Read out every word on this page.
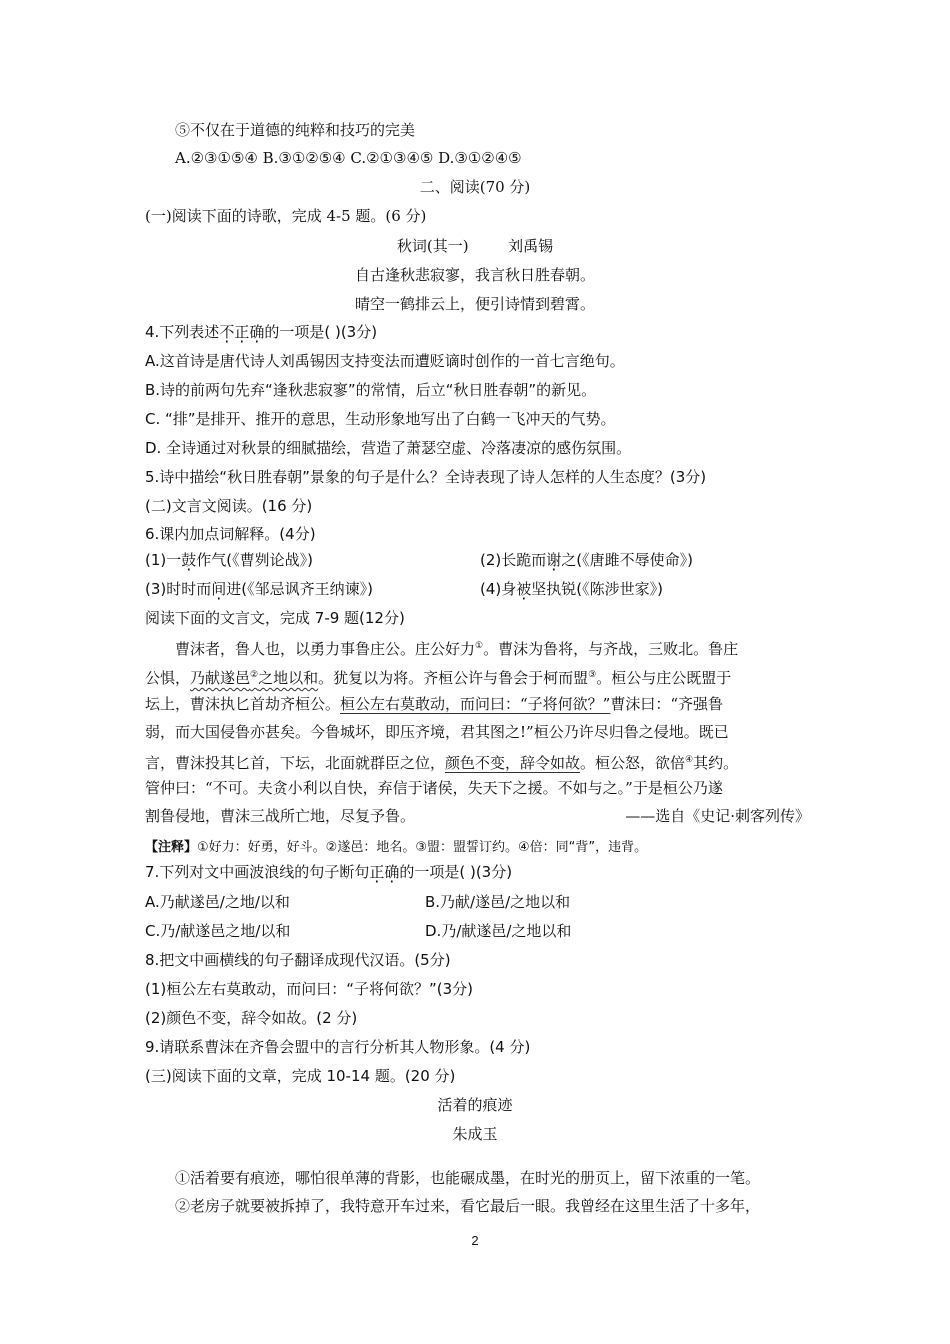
⑤不仅在于道德的纯粹和技巧的完美
A.②③①⑤④ B.③①②⑤④ C.②①③④⑤ D.③①②④⑤
二、阅读(70 分)
(一)阅读下面的诗歌，完成 4-5 题。(6 分)
秋词(其一)	刘禹锡
自古逢秋悲寂寥，我言秋日胜春朝。
晴空一鹤排云上，便引诗情到碧霄。
4.下列表述不正确的一项是( )(3分)
A.这首诗是唐代诗人刘禹锡因支持变法而遭贬谪时创作的一首七言绝句。
B.诗的前两句先弃“逢秋悲寂寥”的常情，后立“秋日胜春朝”的新见。
C. “排”是排开、推开的意思，生动形象地写出了白鹤一飞冲天的气势。
D. 全诗通过对秋景的细腻描绘，营造了萧瑟空虚、冷落凄凉的感伤氛围。
5.诗中描绘“秋日胜春朝”景象的句子是什么？全诗表现了诗人怎样的人生态度？(3分)
(二)文言文阅读。(16 分)
6.课内加点词解释。(4分)
(1)一鼓作气(《曹刿论战》)	(2)长跪而谢之(《唐雎不辱使命》)
(3)时时而间进(《邹忌讽齐王纳谏》)	(4)身被坚执锐(《陈涉世家》)
阅读下面的文言文，完成 7-9 题(12分)
曹沫者，鲁人也，以勇力事鲁庄公。庄公好力①。曹沫为鲁将，与齐战，三败北。鲁庄
公惧，乃献遂邑②之地以和。犹复以为将。齐桓公许与鲁会于柯而盟③。桓公与庄公既盟于
坛上，曹沫执匕首劫齐桓公。桓公左右莫敢动，而问曰：“子将何欲？”曹沫曰：“齐强鲁
弱，而大国侵鲁亦甚矣。今鲁城坏，即压齐境，君其图之!”桓公乃许尽归鲁之侵地。既已
言，曹沫投其匕首，下坛，北面就群臣之位，颜色不变，辞令如故。桓公怒，欲倍④其约。
管仲曰：“不可。夫贪小利以自快，弃信于诸侯，失天下之援。不如与之。”于是桓公乃遂
割鲁侵地，曹沫三战所亡地，尽复予鲁。	——选自《史记·刺客列传》
【注释】①好力：好勇，好斗。②遂邑：地名。③盟：盟誓订约。④倍：同“背”，违背。
7.下列对文中画波浪线的句子断句正确的一项是( )(3分)
A.乃献遂邑/之地/以和	B.乃献/遂邑/之地以和
C.乃/献遂邑之地/以和	D.乃/献遂邑/之地以和
8.把文中画横线的句子翻译成现代汉语。(5分)
(1)桓公左右莫敢动，而问曰：“子将何欲？”(3分)
(2)颜色不变，辞令如故。(2 分)
9.请联系曹沫在齐鲁会盟中的言行分析其人物形象。(4 分)
(三)阅读下面的文章，完成 10-14 题。(20 分)
活着的痕迹
朱成玉
①活着要有痕迹，哪怕很单薄的背影，也能碾成墨，在时光的册页上，留下浓重的一笔。
②老房子就要被拆掉了，我特意开车过来，看它最后一眼。我曾经在这里生活了十多年，
2
